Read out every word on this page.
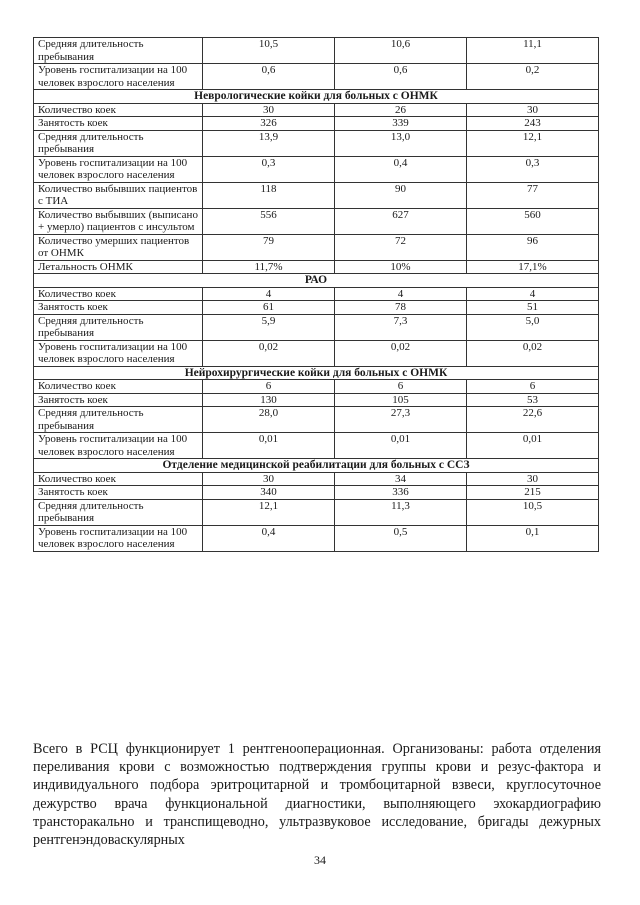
Средняя длительность пребывания	10,5	10,6	11,1
Уровень госпитализации на 100 человек взрослого населения	0,6	0,6	0,2
Неврологические койки для больных с ОНМК			
Количество коек	30	26	30
Занятость коек	326	339	243
Средняя длительность пребывания	13,9	13,0	12,1
Уровень госпитализации на 100 человек взрослого населения	0,3	0,4	0,3
Количество выбывших пациентов с ТИА	118	90	77
Количество выбывших (выписано + умерло) пациентов с инсультом	556	627	560
Количество умерших пациентов от ОНМК	79	72	96
Летальность ОНМК	11,7%	10%	17,1%
РАО			
Количество коек	4	4	4
Занятость коек	61	78	51
Средняя длительность пребывания	5,9	7,3	5,0
Уровень госпитализации на 100 человек взрослого населения	0,02	0,02	0,02
Нейрохирургические койки для больных с ОНМК			
Количество коек	6	6	6
Занятость коек	130	105	53
Средняя длительность пребывания	28,0	27,3	22,6
Уровень госпитализации на 100 человек взрослого населения	0,01	0,01	0,01
Отделение медицинской реабилитации для больных с ССЗ			
Количество коек	30	34	30
Занятость коек	340	336	215
Средняя длительность пребывания	12,1	11,3	10,5
Уровень госпитализации на 100 человек взрослого населения	0,4	0,5	0,1

Всего в РСЦ функционирует 1 рентгенооперационная. Организованы: работа отделения переливания крови с возможностью подтверждения группы крови и резус-фактора и индивидуального подбора эритроцитарной и тромбоцитарной взвеси, круглосуточное дежурство врача функциональной диагностики, выполняющего эхокардиографию трансторакально и транспищеводно, ультразвуковое исследование, бригады дежурных рентгенэндоваскулярных

34
